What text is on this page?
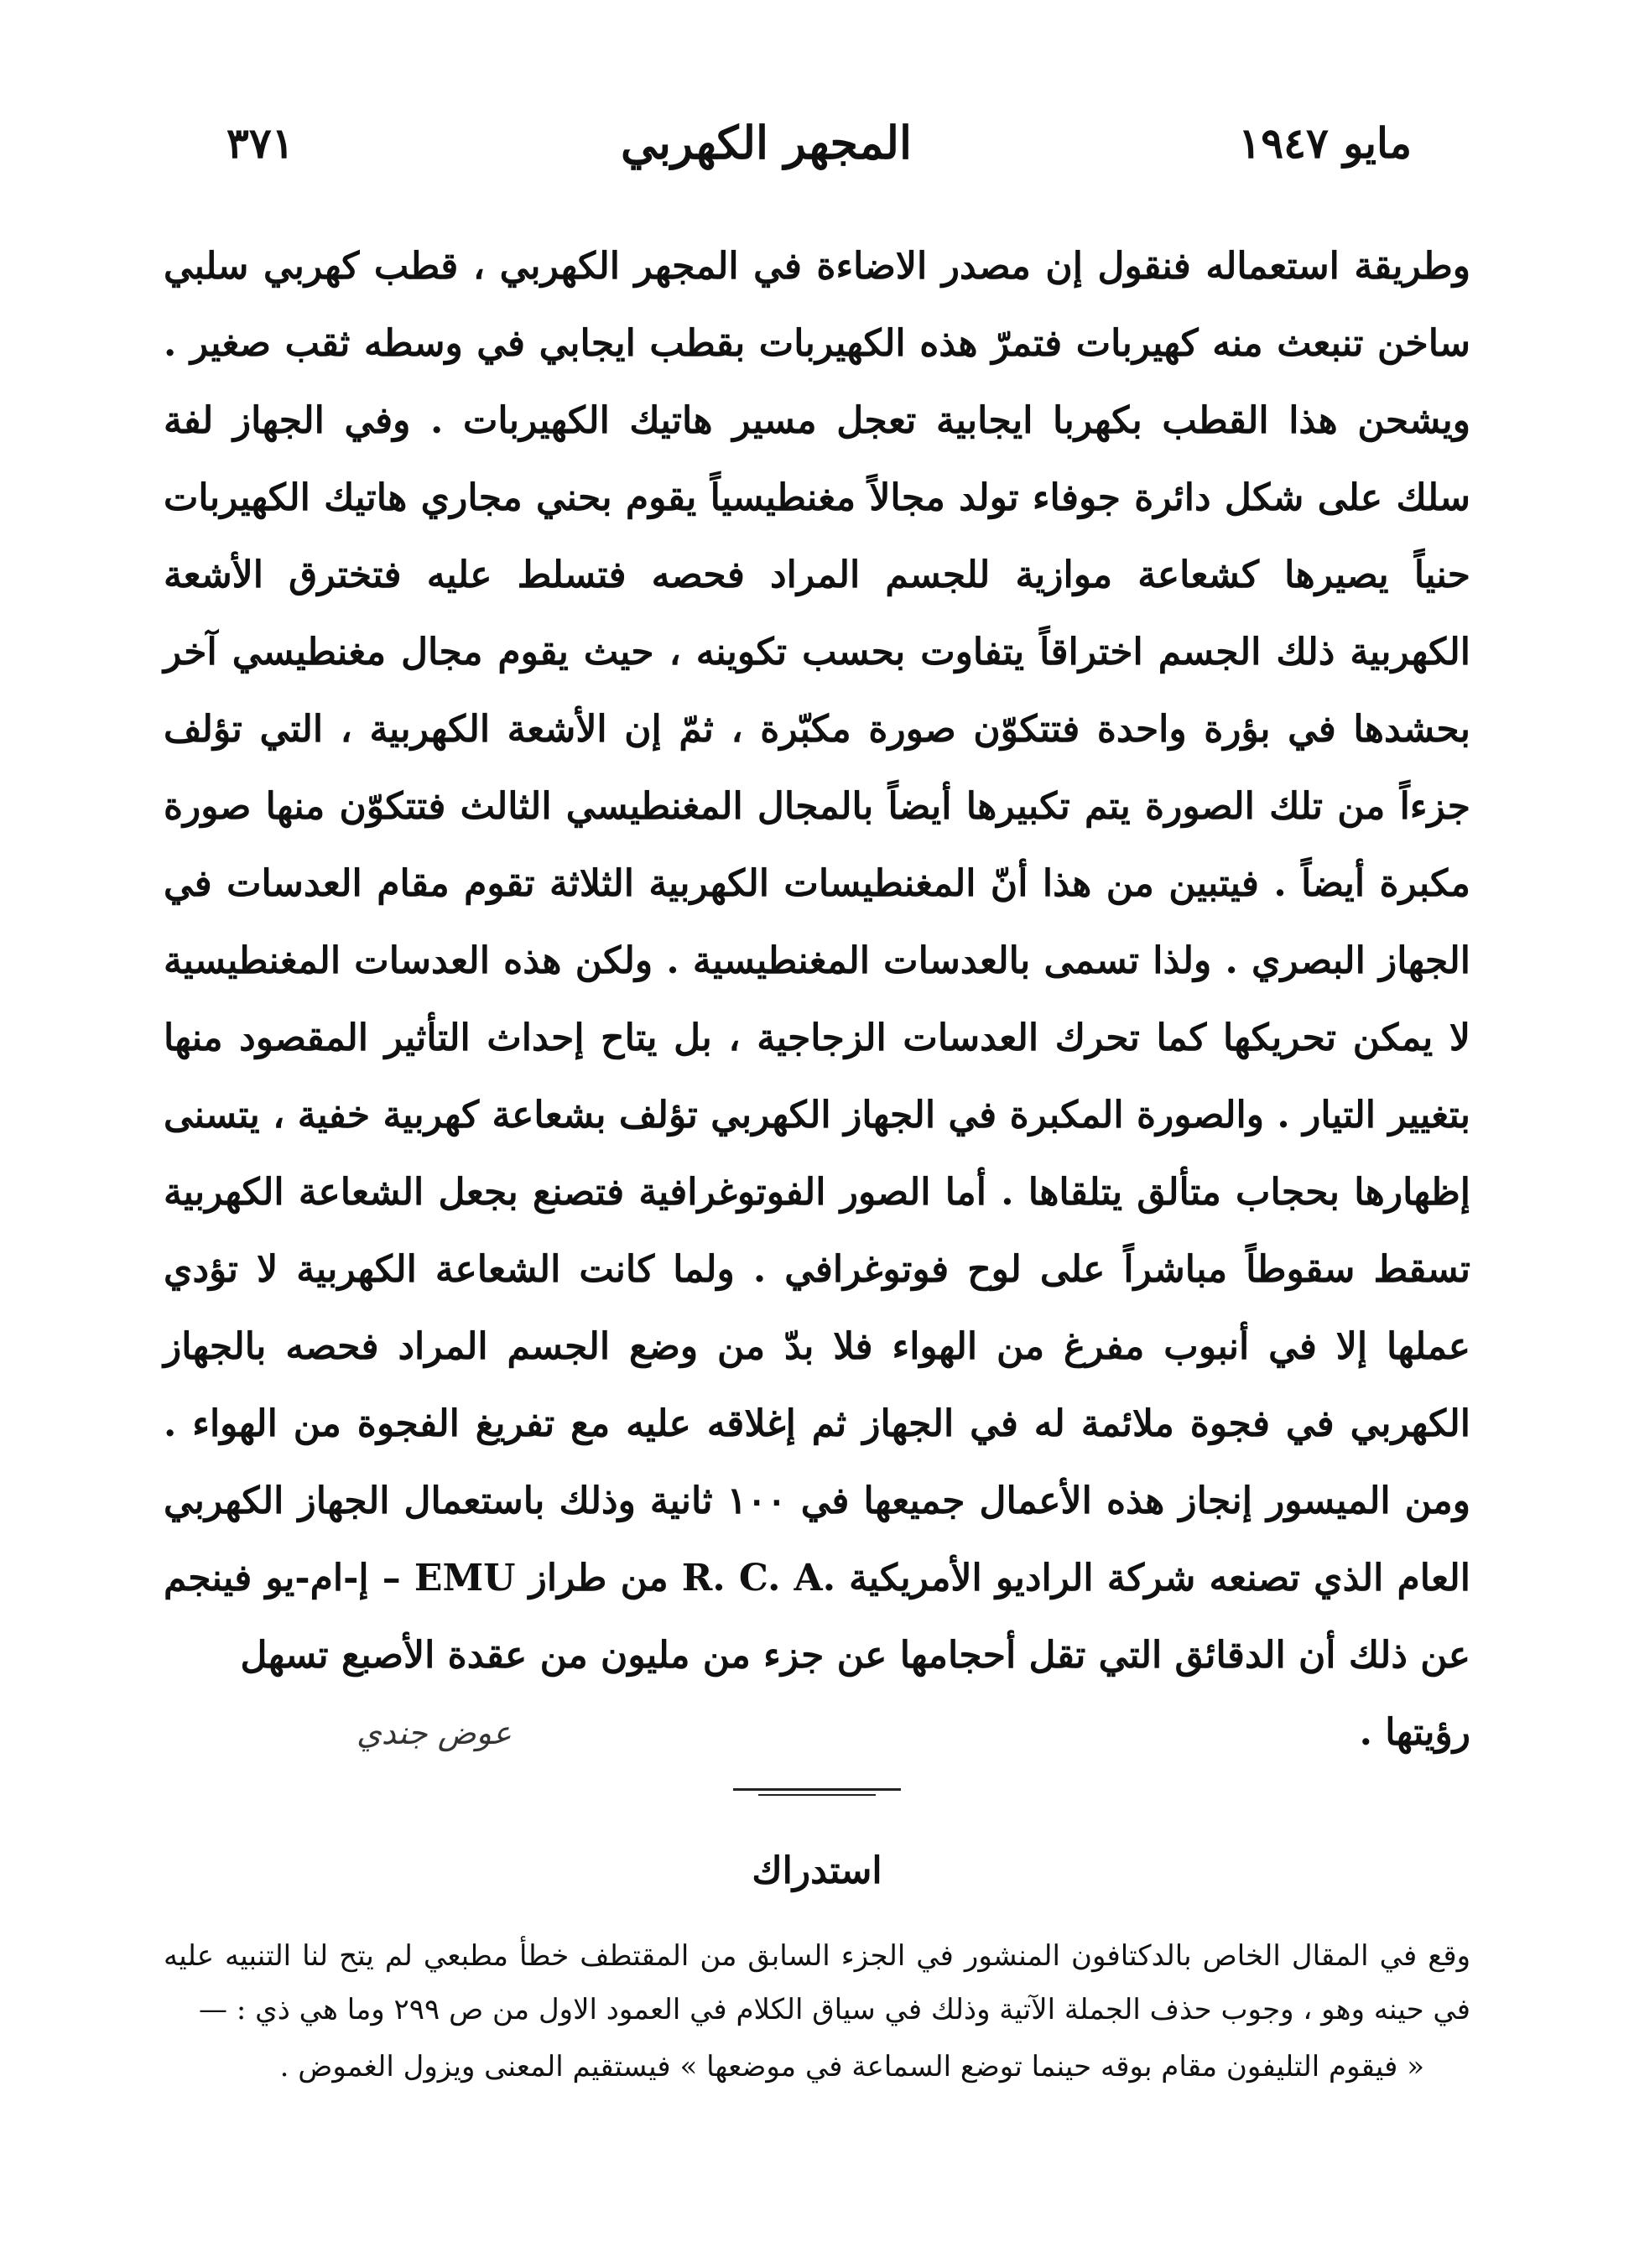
مايو ١٩٤٧
المجهر الكهربي
٣٧١

وطريقة استعماله فنقول إن مصدر الاضاءة في المجهر الكهربي ، قطب كهربي سلبي ساخن تنبعث منه كهيربات فتمرّ هذه الكهيربات بقطب ايجابي في وسطه ثقب صغير . ويشحن هذا القطب بكهربا ايجابية تعجل مسير هاتيك الكهيربات . وفي الجهاز لفة سلك على شكل دائرة جوفاء تولد مجالاً مغنطيسياً يقوم بحني مجاري هاتيك الكهيربات حنياً يصيرها كشعاعة موازية للجسم المراد فحصه فتسلط عليه فتخترق الأشعة الكهربية ذلك الجسم اختراقاً يتفاوت بحسب تكوينه ، حيث يقوم مجال مغنطيسي آخر بحشدها في بؤرة واحدة فتتكوّن صورة مكبّرة ، ثمّ إن الأشعة الكهربية ، التي تؤلف جزءاً من تلك الصورة يتم تكبيرها أيضاً بالمجال المغنطيسي الثالث فتتكوّن منها صورة مكبرة أيضاً . فيتبين من هذا أنّ المغنطيسات الكهربية الثلاثة تقوم مقام العدسات في الجهاز البصري . ولذا تسمى بالعدسات المغنطيسية . ولكن هذه العدسات المغنطيسية لا يمكن تحريكها كما تحرك العدسات الزجاجية ، بل يتاح إحداث التأثير المقصود منها بتغيير التيار . والصورة المكبرة في الجهاز الكهربي تؤلف بشعاعة كهربية خفية ، يتسنى إظهارها بحجاب متألق يتلقاها . أما الصور الفوتوغرافية فتصنع بجعل الشعاعة الكهربية تسقط سقوطاً مباشراً على لوح فوتوغرافي . ولما كانت الشعاعة الكهربية لا تؤدي عملها إلا في أنبوب مفرغ من الهواء فلا بدّ من وضع الجسم المراد فحصه بالجهاز الكهربي في فجوة ملائمة له في الجهاز ثم إغلاقه عليه مع تفريغ الفجوة من الهواء . ومن الميسور إنجاز هذه الأعمال جميعها في ١٠٠ ثانية وذلك باستعمال الجهاز الكهربي العام الذي تصنعه شركة الراديو الأمريكية .R. C. A من طراز EMU – إ-ام-يو فينجم عن ذلك أن الدقائق التي تقل أحجامها عن جزء من مليون من عقدة الأصبع تسهل

رؤيتها .
عوض جندي
استدراك

وقع في المقال الخاص بالدكتافون المنشور في الجزء السابق من المقتطف خطأ مطبعي لم يتح لنا التنبيه عليه في حينه وهو ، وجوب حذف الجملة الآتية وذلك في سياق الكلام في العمود الاول من ص ٢٩٩ وما هي ذي : —

« فيقوم التليفون مقام بوقه حينما توضع السماعة في موضعها » فيستقيم المعنى ويزول الغموض .
